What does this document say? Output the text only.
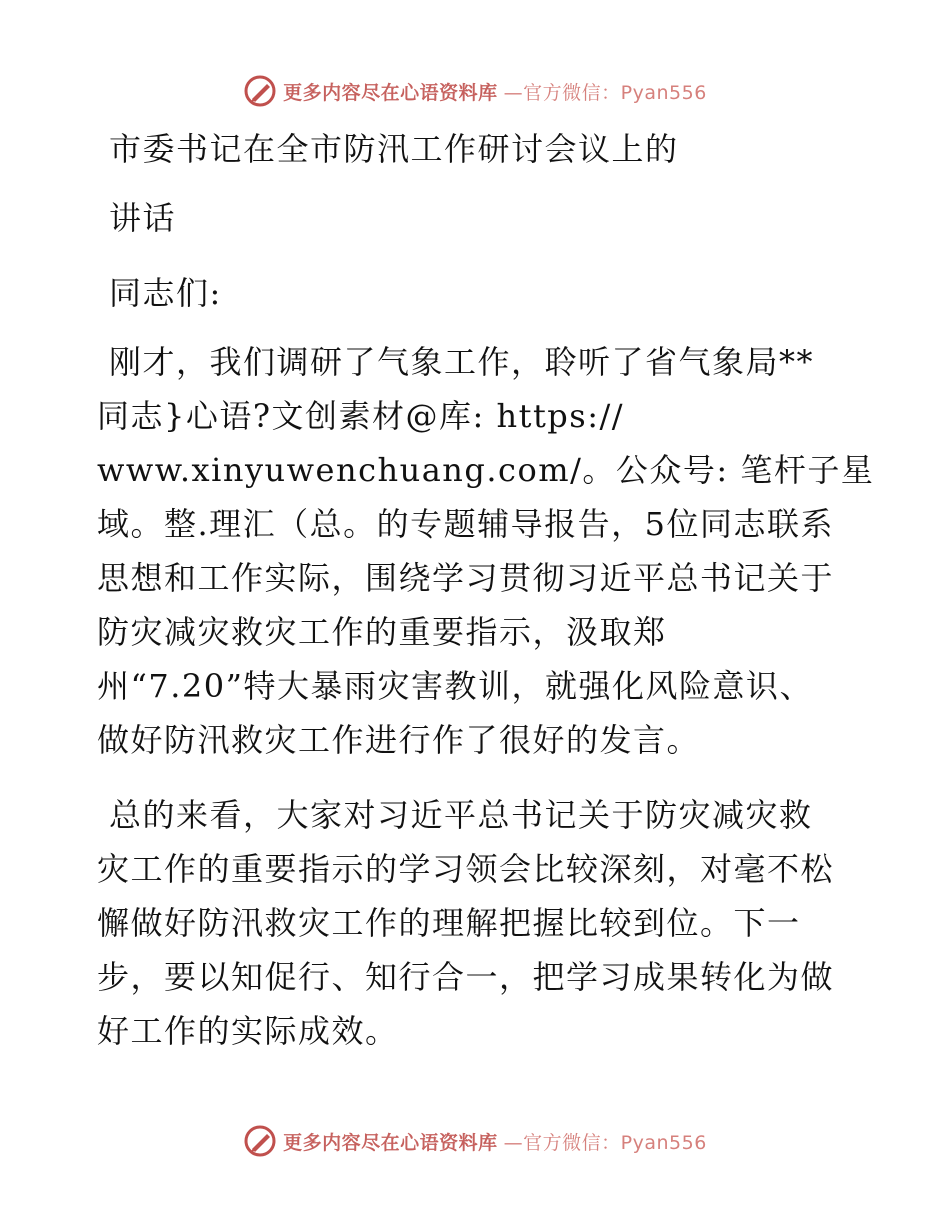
更多内容尽在心语资料库 —官方微信：Pyan556
市委书记在全市防汛工作研讨会议上的
讲话
同志们:
刚才，我们调研了气象工作，聆听了省气象局**
同志}心语?文创素材@库: https://
www.xinyuwenchuang.com/。公众号: 笔杆子星
域。整.理汇（总。的专题辅导报告，5位同志联系
思想和工作实际，围绕学习贯彻习近平总书记关于
防灾减灾救灾工作的重要指示，汲取郑
州“7.20”特大暴雨灾害教训，就强化风险意识、
做好防汛救灾工作进行作了很好的发言。
总的来看，大家对习近平总书记关于防灾减灾救
灾工作的重要指示的学习领会比较深刻，对毫不松
懈做好防汛救灾工作的理解把握比较到位。下一
步，要以知促行、知行合一，把学习成果转化为做
好工作的实际成效。
更多内容尽在心语资料库 —官方微信：Pyan556
